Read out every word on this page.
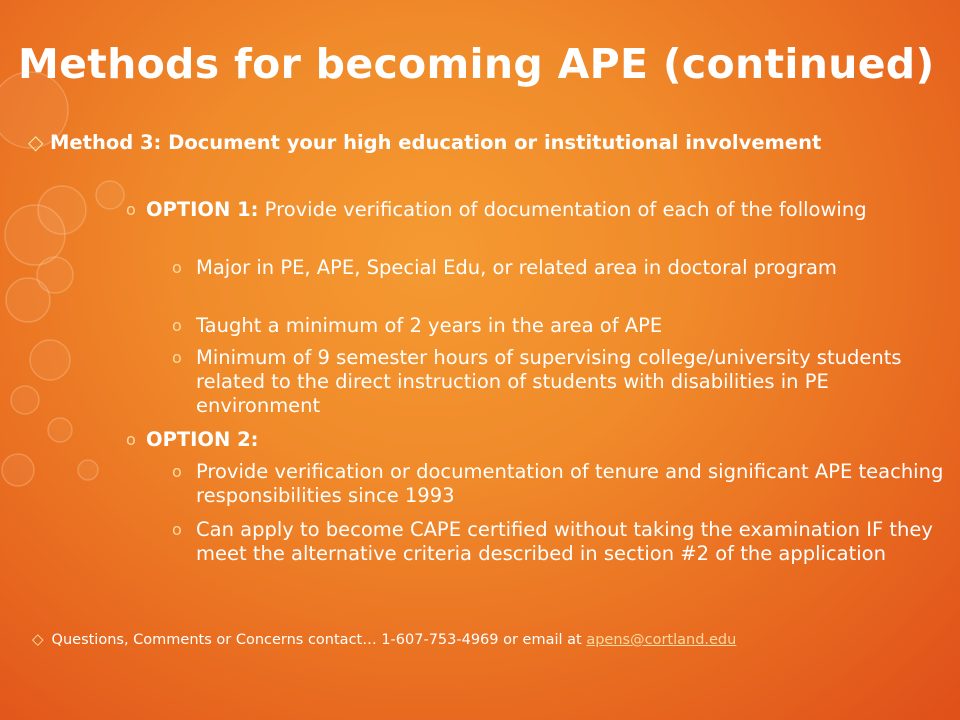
Methods for becoming APE (continued)
◇ Method 3: Document your high education or institutional involvement
o OPTION 1: Provide verification of documentation of each of the following
o Major in PE, APE, Special Edu, or related area in doctoral program
o Taught a minimum of 2 years in the area of APE
o Minimum of 9 semester hours of supervising college/university students related to the direct instruction of students with disabilities in PE environment
o OPTION 2:
o Provide verification or documentation of tenure and significant APE teaching responsibilities since 1993
o Can apply to become CAPE certified without taking the examination IF they meet the alternative criteria described in section #2 of the application
◇ Questions, Comments or Concerns contact… 1-607-753-4969 or email at apens@cortland.edu
